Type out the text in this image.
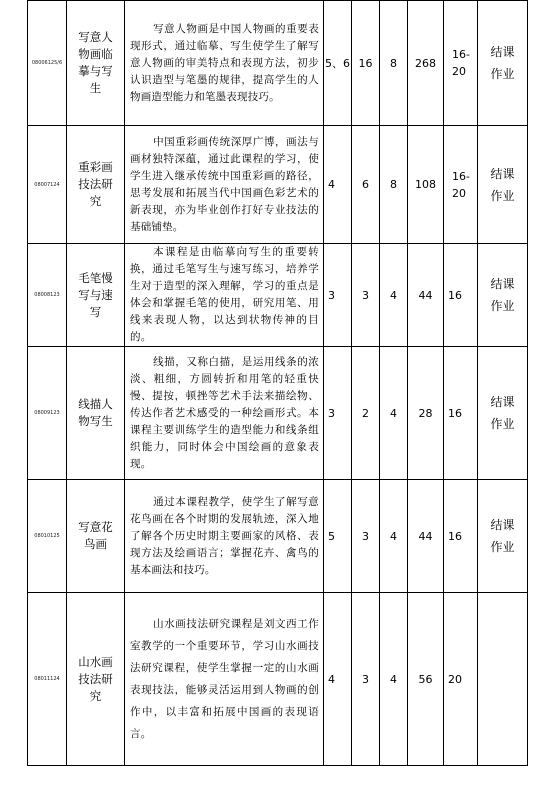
08006125/6	写意人物画临摹与写生	写意人物画是中国人物画的重要表现形式，通过临摹、写生使学生了解写意人物画的审美特点和表现方法，初步认识造型与笔墨的规律，提高学生的人物画造型能力和笔墨表现技巧。	5、6	16	8	268	16-20	结课作业
08007124	重彩画技法研究	中国重彩画传统深厚广博，画法与画材独特深蕴，通过此课程的学习，使学生进入继承传统中国重彩画的路径，思考发展和拓展当代中国画色彩艺术的新表现，亦为毕业创作打好专业技法的基础铺垫。	4	6	8	108	16-20	结课作业
08008123	毛笔慢写与速写	本课程是由临摹向写生的重要转换，通过毛笔写生与速写练习，培养学生对于造型的深入理解，学习的重点是体会和掌握毛笔的使用，研究用笔、用线来表现人物，以达到状物传神的目的。	3	3	4	44	16	结课作业
08009123	线描人物写生	线描，又称白描，是运用线条的浓淡、粗细，方圆转折和用笔的轻重快慢、提按，顿挫等艺术手法来描绘物、传达作者艺术感受的一种绘画形式。本课程主要训练学生的造型能力和线条组织能力，同时体会中国绘画的意象表现。	3	2	4	28	16	结课作业
08010125	写意花鸟画	通过本课程教学，使学生了解写意花鸟画在各个时期的发展轨迹，深入地了解各个历史时期主要画家的风格、表现方法及绘画语言；掌握花卉、禽鸟的基本画法和技巧。	5	3	4	44	16	结课作业
08011124	山水画技法研究	山水画技法研究课程是刘文西工作室教学的一个重要环节，学习山水画技法研究课程，使学生掌握一定的山水画表现技法，能够灵活运用到人物画的创作中，以丰富和拓展中国画的表现语言。	4	3	4	56	20	
